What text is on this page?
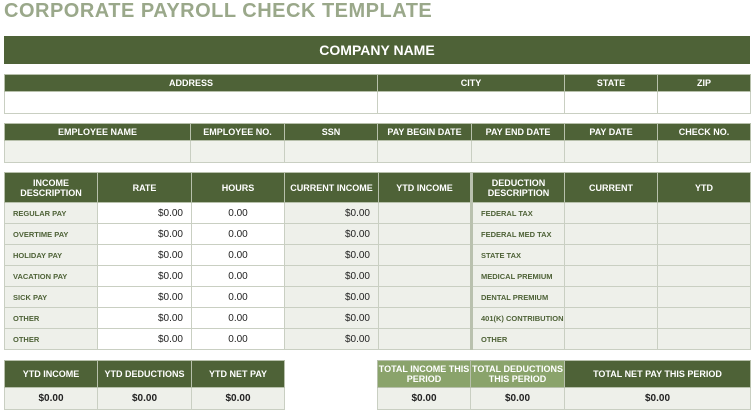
CORPORATE PAYROLL CHECK TEMPLATE
COMPANY NAME
ADDRESS	CITY	STATE	ZIP

EMPLOYEE NAME	EMPLOYEE NO.	SSN	PAY BEGIN DATE	PAY END DATE	PAY DATE	CHECK NO.

INCOME DESCRIPTION	RATE	HOURS	CURRENT INCOME	YTD INCOME	DEDUCTION DESCRIPTION	CURRENT	YTD
REGULAR PAY	$0.00	0.00	$0.00		FEDERAL TAX		
OVERTIME PAY	$0.00	0.00	$0.00		FEDERAL MED TAX		
HOLIDAY PAY	$0.00	0.00	$0.00		STATE TAX		
VACATION PAY	$0.00	0.00	$0.00		MEDICAL PREMIUM		
SICK PAY	$0.00	0.00	$0.00		DENTAL PREMIUM		
OTHER	$0.00	0.00	$0.00		401(K) CONTRIBUTION		
OTHER	$0.00	0.00	$0.00		OTHER		
YTD INCOME	YTD DEDUCTIONS	YTD NET PAY
$0.00	$0.00	$0.00
TOTAL INCOME THIS PERIOD	TOTAL DEDUCTIONS THIS PERIOD	TOTAL NET PAY THIS PERIOD
$0.00	$0.00	$0.00
